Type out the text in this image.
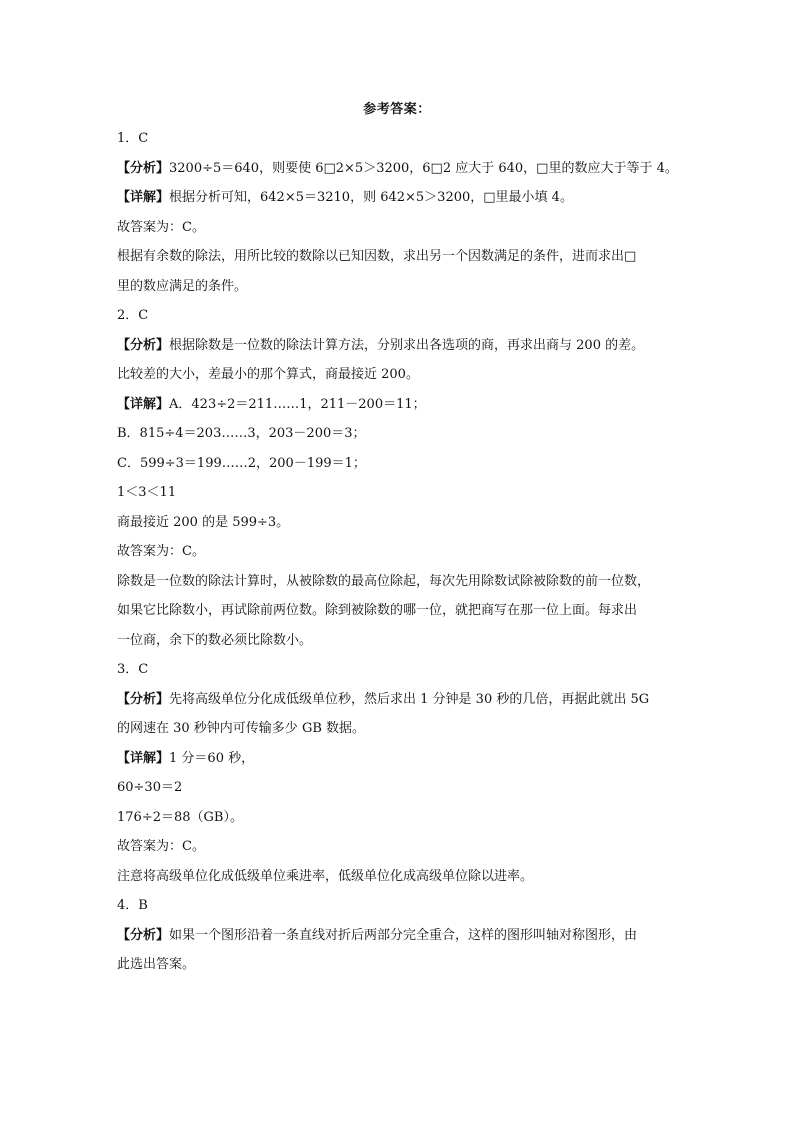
参考答案：
1．C
【分析】3200÷5＝640，则要使 6□2×5＞3200，6□2 应大于 640，□里的数应大于等于 4。
【详解】根据分析可知，642×5＝3210，则 642×5＞3200，□里最小填 4。
故答案为：C。
根据有余数的除法，用所比较的数除以已知因数，求出另一个因数满足的条件，进而求出□
里的数应满足的条件。
2．C
【分析】根据除数是一位数的除法计算方法，分别求出各选项的商，再求出商与 200 的差。
比较差的大小，差最小的那个算式，商最接近 200。
【详解】A．423÷2＝211……1，211－200＝11；
B．815÷4＝203……3，203－200＝3；
C．599÷3＝199……2，200－199＝1；
1＜3＜11
商最接近 200 的是 599÷3。
故答案为：C。
除数是一位数的除法计算时，从被除数的最高位除起，每次先用除数试除被除数的前一位数，
如果它比除数小，再试除前两位数。除到被除数的哪一位，就把商写在那一位上面。每求出
一位商，余下的数必须比除数小。
3．C
【分析】先将高级单位分化成低级单位秒，然后求出 1 分钟是 30 秒的几倍，再据此就出 5G
的网速在 30 秒钟内可传输多少 GB 数据。
【详解】1 分＝60 秒，
60÷30＝2
176÷2＝88（GB）。
故答案为：C。
注意将高级单位化成低级单位乘进率，低级单位化成高级单位除以进率。
4．B
【分析】如果一个图形沿着一条直线对折后两部分完全重合，这样的图形叫轴对称图形，由
此选出答案。
